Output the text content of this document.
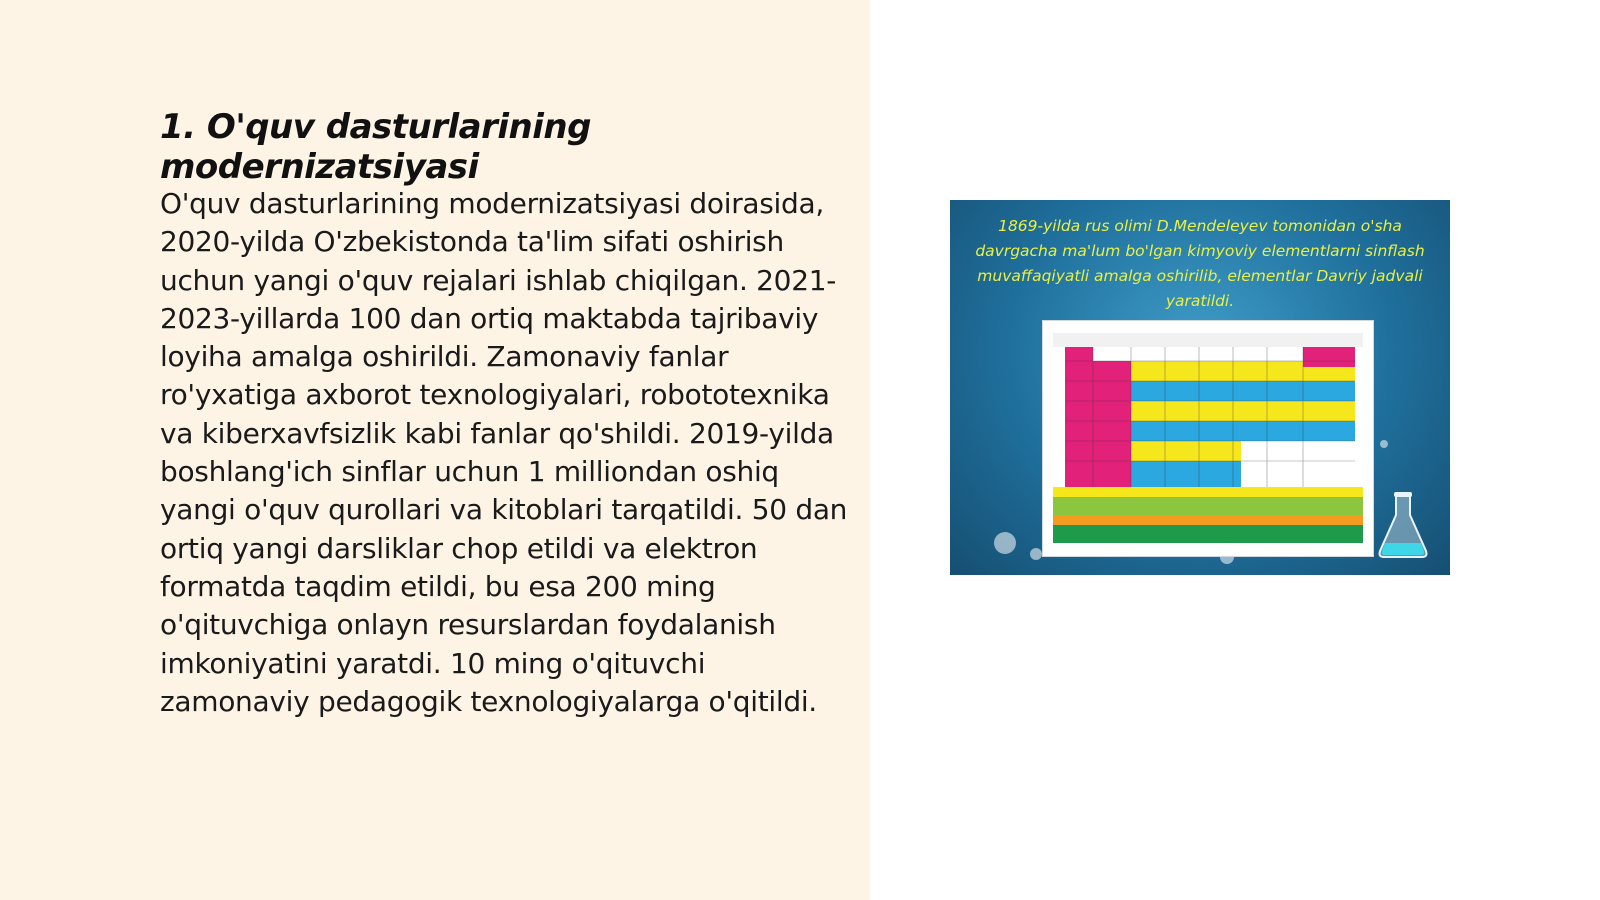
1. O'quv dasturlarining modernizatsiyasi

O'quv dasturlarining modernizatsiyasi doirasida, 2020-yilda O'zbekistonda ta'lim sifati oshirish uchun yangi o'quv rejalari ishlab chiqilgan. 2021-2023-yillarda 100 dan ortiq maktabda tajribaviy loyiha amalga oshirildi. Zamonaviy fanlar ro'yxatiga axborot texnologiyalari, robototexnika va kiberxavfsizlik kabi fanlar qo'shildi. 2019-yilda boshlang'ich sinflar uchun 1 milliondan oshiq yangi o'quv qurollari va kitoblari tarqatildi. 50 dan ortiq yangi darsliklar chop etildi va elektron formatda taqdim etildi, bu esa 200 ming o'qituvchiga onlayn resurslardan foydalanish imkoniyatini yaratdi. 10 ming o'qituvchi zamonaviy pedagogik texnologiyalarga o'qitildi.

1869-yilda rus olimi D.Mendeleyev tomonidan o'sha davrgacha ma'lum bo'lgan kimyoviy elementlarni sinflash muvaffaqiyatli amalga oshirilib, elementlar Davriy jadvali yaratildi.
